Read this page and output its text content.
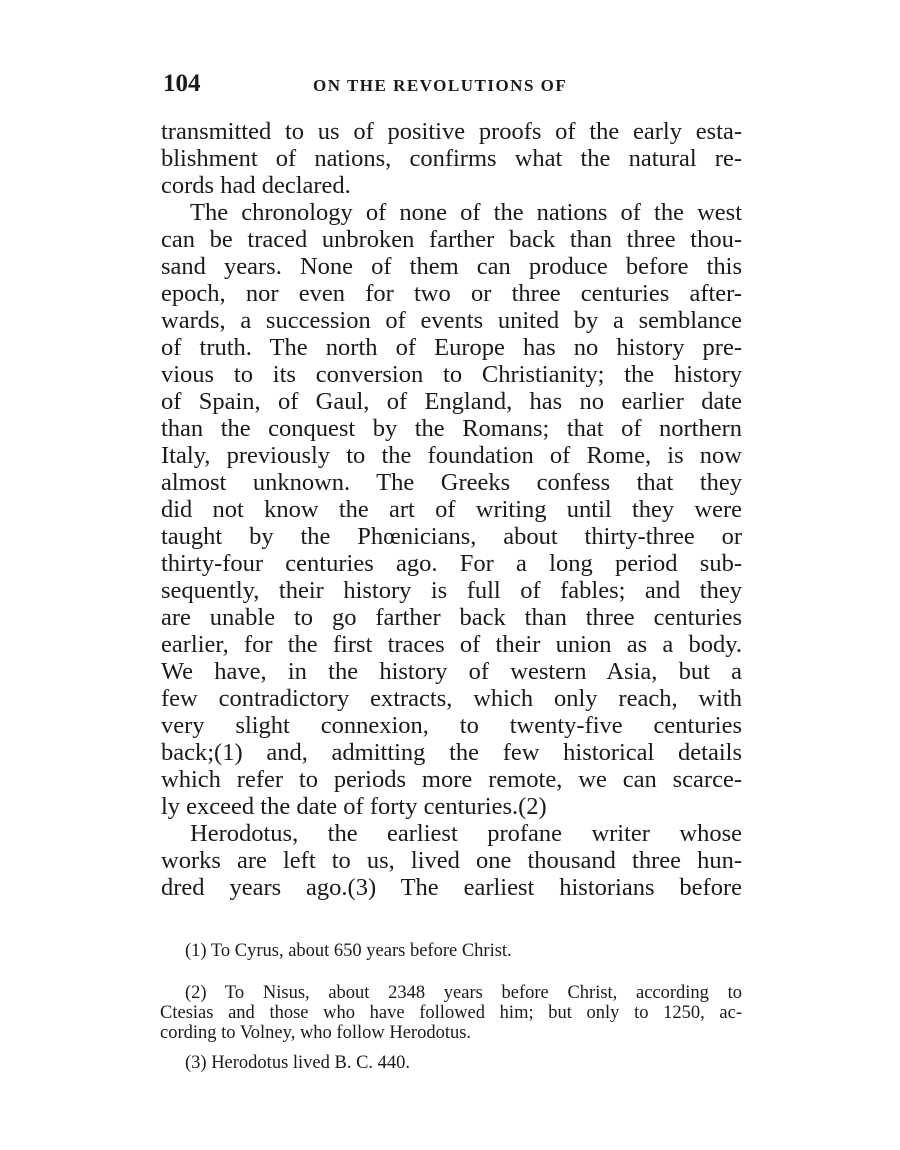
104	ON THE REVOLUTIONS OF
transmitted to us of positive proofs of the early esta-
blishment of nations, confirms what the natural re-
cords had declared.
The chronology of none of the nations of the west
can be traced unbroken farther back than three thou-
sand years. None of them can produce before this
epoch, nor even for two or three centuries after-
wards, a succession of events united by a semblance
of truth. The north of Europe has no history pre-
vious to its conversion to Christianity; the history
of Spain, of Gaul, of England, has no earlier date
than the conquest by the Romans; that of northern
Italy, previously to the foundation of Rome, is now
almost unknown. The Greeks confess that they
did not know the art of writing until they were
taught by the Phœnicians, about thirty-three or
thirty-four centuries ago. For a long period sub-
sequently, their history is full of fables; and they
are unable to go farther back than three centuries
earlier, for the first traces of their union as a body.
We have, in the history of western Asia, but a
few contradictory extracts, which only reach, with
very slight connexion, to twenty-five centuries
back;(1) and, admitting the few historical details
which refer to periods more remote, we can scarce-
ly exceed the date of forty centuries.(2)
Herodotus, the earliest profane writer whose
works are left to us, lived one thousand three hun-
dred years ago.(3) The earliest historians before
(1) To Cyrus, about 650 years before Christ.
(2) To Nisus, about 2348 years before Christ, according to
Ctesias and those who have followed him; but only to 1250, ac-
cording to Volney, who follow Herodotus.
(3) Herodotus lived B. C. 440.
